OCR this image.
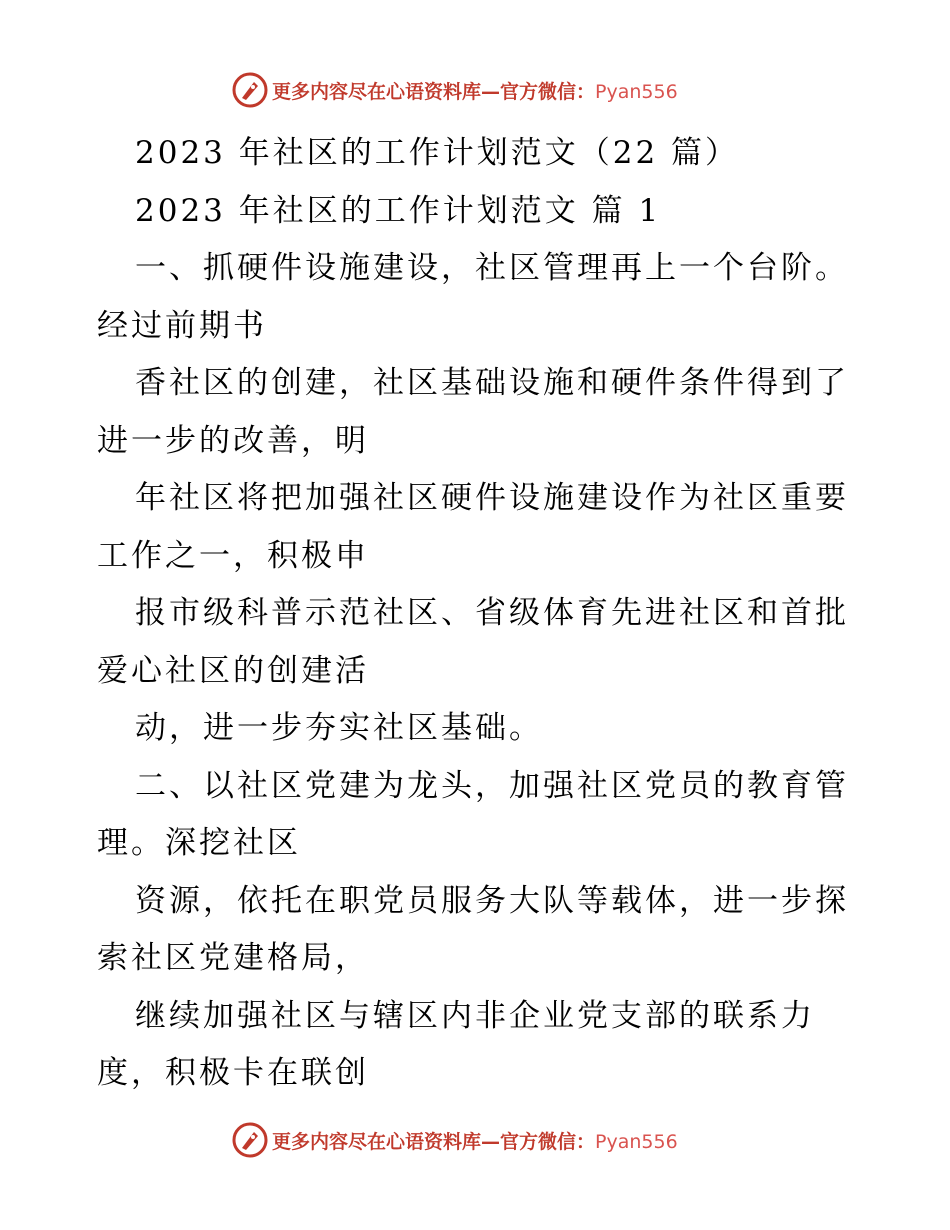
更多内容尽在心语资料库—官方微信：Pyan556
2023 年社区的工作计划范文（22 篇）
2023 年社区的工作计划范文 篇 1
一、抓硬件设施建设，社区管理再上一个台阶。
经过前期书
香社区的创建，社区基础设施和硬件条件得到了
进一步的改善，明
年社区将把加强社区硬件设施建设作为社区重要
工作之一，积极申
报市级科普示范社区、省级体育先进社区和首批
爱心社区的创建活
动，进一步夯实社区基础。
二、以社区党建为龙头，加强社区党员的教育管
理。深挖社区
资源，依托在职党员服务大队等载体，进一步探
索社区党建格局，
继续加强社区与辖区内非企业党支部的联系力
度，积极卡在联创
更多内容尽在心语资料库—官方微信：Pyan556
